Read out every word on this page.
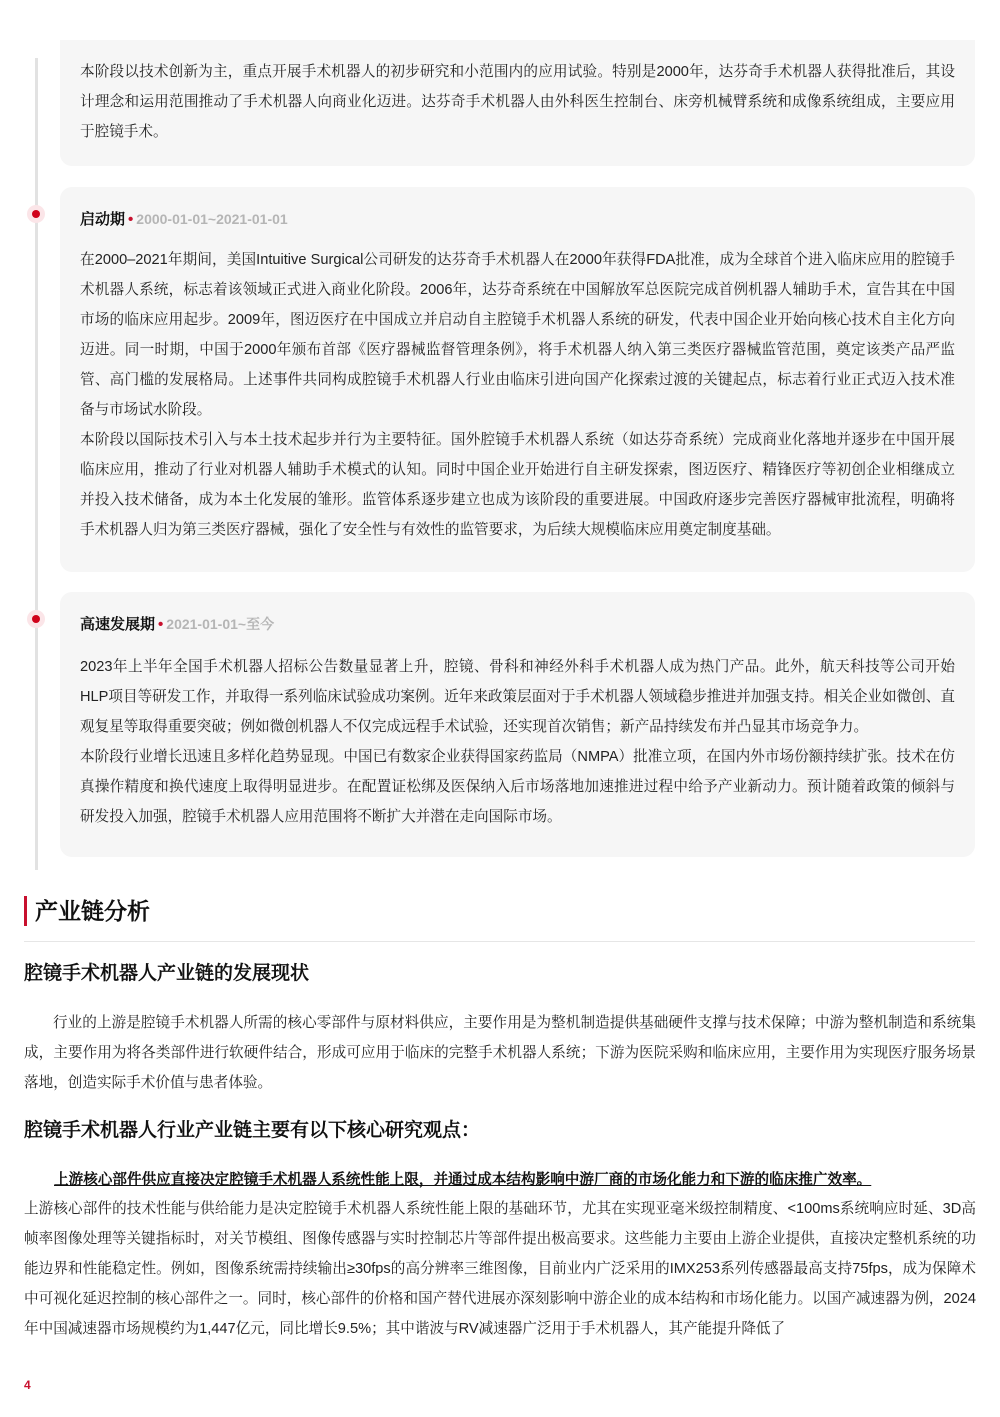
本阶段以技术创新为主，重点开展手术机器人的初步研究和小范围内的应用试验。特别是2000年，达芬奇手术机器人获得批准后，其设计理念和运用范围推动了手术机器人向商业化迈进。达芬奇手术机器人由外科医生控制台、床旁机械臂系统和成像系统组成，主要应用于腔镜手术。

启动期 • 2000-01-01~2021-01-01

在2000–2021年期间，美国Intuitive Surgical公司研发的达芬奇手术机器人在2000年获得FDA批准，成为全球首个进入临床应用的腔镜手术机器人系统，标志着该领域正式进入商业化阶段。2006年，达芬奇系统在中国解放军总医院完成首例机器人辅助手术，宣告其在中国市场的临床应用起步。2009年，图迈医疗在中国成立并启动自主腔镜手术机器人系统的研发，代表中国企业开始向核心技术自主化方向迈进。同一时期，中国于2000年颁布首部《医疗器械监督管理条例》，将手术机器人纳入第三类医疗器械监管范围，奠定该类产品严监管、高门槛的发展格局。上述事件共同构成腔镜手术机器人行业由临床引进向国产化探索过渡的关键起点，标志着行业正式迈入技术准备与市场试水阶段。

本阶段以国际技术引入与本土技术起步并行为主要特征。国外腔镜手术机器人系统（如达芬奇系统）完成商业化落地并逐步在中国开展临床应用，推动了行业对机器人辅助手术模式的认知。同时中国企业开始进行自主研发探索，图迈医疗、精锋医疗等初创企业相继成立并投入技术储备，成为本土化发展的雏形。监管体系逐步建立也成为该阶段的重要进展。中国政府逐步完善医疗器械审批流程，明确将手术机器人归为第三类医疗器械，强化了安全性与有效性的监管要求，为后续大规模临床应用奠定制度基础。

高速发展期 • 2021-01-01~至今

2023年上半年全国手术机器人招标公告数量显著上升，腔镜、骨科和神经外科手术机器人成为热门产品。此外，航天科技等公司开始HLP项目等研发工作，并取得一系列临床试验成功案例。近年来政策层面对于手术机器人领域稳步推进并加强支持。相关企业如微创、直观复星等取得重要突破；例如微创机器人不仅完成远程手术试验，还实现首次销售；新产品持续发布并凸显其市场竞争力。

本阶段行业增长迅速且多样化趋势显现。中国已有数家企业获得国家药监局（NMPA）批准立项，在国内外市场份额持续扩张。技术在仿真操作精度和换代速度上取得明显进步。在配置证松绑及医保纳入后市场落地加速推进过程中给予产业新动力。预计随着政策的倾斜与研发投入加强，腔镜手术机器人应用范围将不断扩大并潜在走向国际市场。

产业链分析
腔镜手术机器人产业链的发展现状

行业的上游是腔镜手术机器人所需的核心零部件与原材料供应，主要作用是为整机制造提供基础硬件支撑与技术保障；中游为整机制造和系统集成，主要作用为将各类部件进行软硬件结合，形成可应用于临床的完整手术机器人系统；下游为医院采购和临床应用，主要作用为实现医疗服务场景落地，创造实际手术价值与患者体验。

腔镜手术机器人行业产业链主要有以下核心研究观点：
上游核心部件供应直接决定腔镜手术机器人系统性能上限，并通过成本结构影响中游厂商的市场化能力和下游的临床推广效率。

上游核心部件的技术性能与供给能力是决定腔镜手术机器人系统性能上限的基础环节，尤其在实现亚毫米级控制精度、<100ms系统响应时延、3D高帧率图像处理等关键指标时，对关节模组、图像传感器与实时控制芯片等部件提出极高要求。这些能力主要由上游企业提供，直接决定整机系统的功能边界和性能稳定性。例如，图像系统需持续输出≥30fps的高分辨率三维图像，目前业内广泛采用的IMX253系列传感器最高支持75fps，成为保障术中可视化延迟控制的核心部件之一。同时，核心部件的价格和国产替代进展亦深刻影响中游企业的成本结构和市场化能力。以国产减速器为例，2024年中国减速器市场规模约为1,447亿元，同比增长9.5%；其中谐波与RV减速器广泛用于手术机器人，其产能提升降低了

4
